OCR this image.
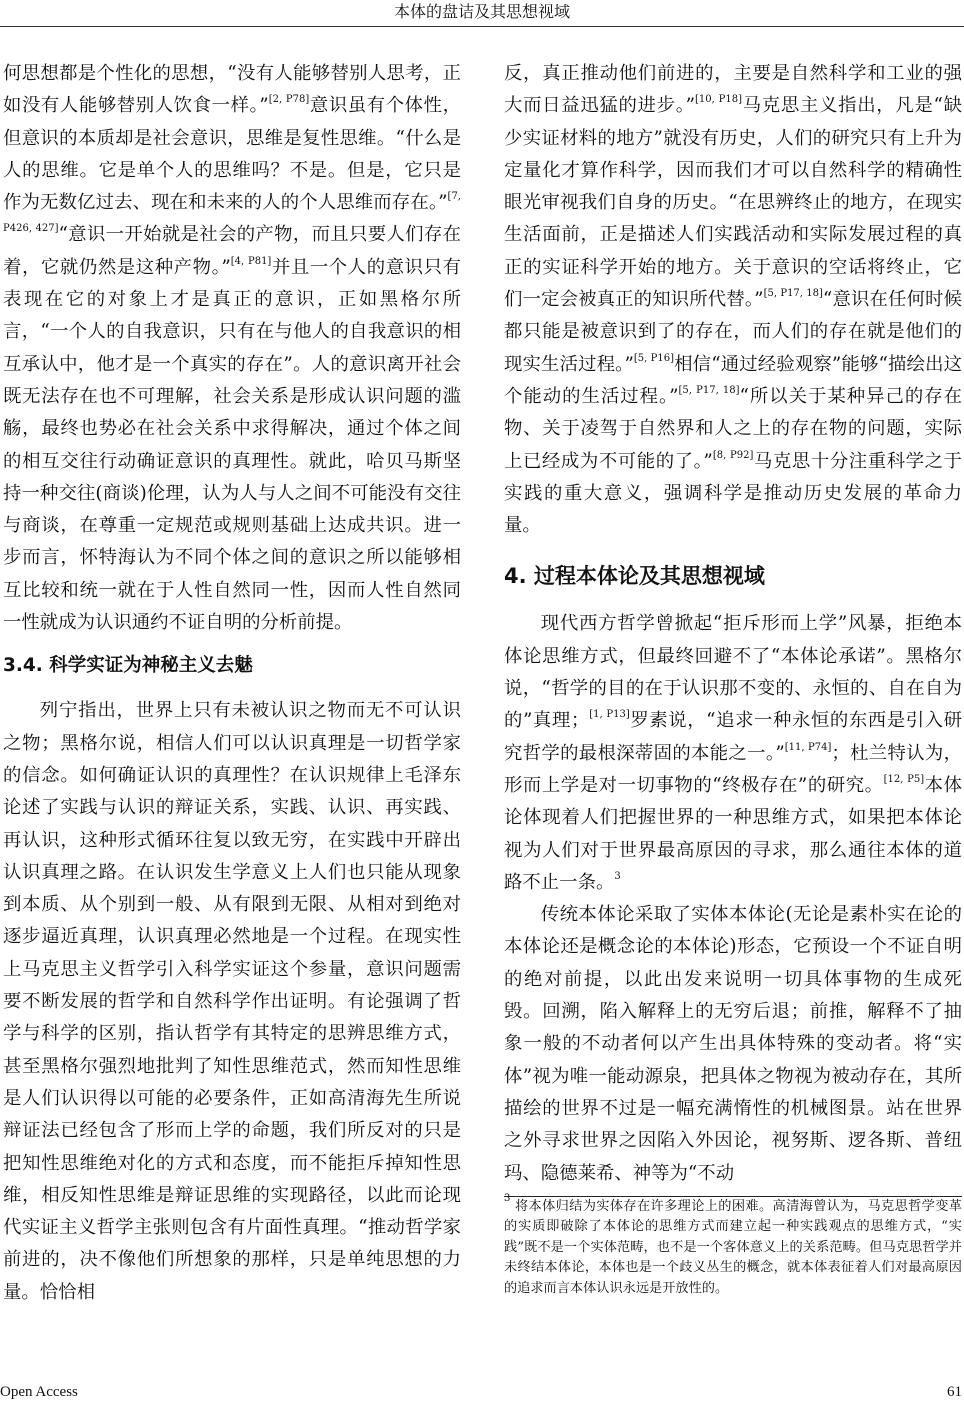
本体的盘诘及其思想视域

何思想都是个性化的思想，“没有人能够替别人思考，正如没有人能够替别人饮食一样。”[2, P78]意识虽有个体性，但意识的本质却是社会意识，思维是复性思维。“什么是人的思维。它是单个人的思维吗？不是。但是，它只是作为无数亿过去、现在和未来的人的个人思维而存在。”[7, P426, 427]“意识一开始就是社会的产物，而且只要人们存在着，它就仍然是这种产物。”[4, P81]并且一个人的意识只有表现在它的对象上才是真正的意识，正如黑格尔所言，“一个人的自我意识，只有在与他人的自我意识的相互承认中，他才是一个真实的存在”。人的意识离开社会既无法存在也不可理解，社会关系是形成认识问题的滥觞，最终也势必在社会关系中求得解决，通过个体之间的相互交往行动确证意识的真理性。就此，哈贝马斯坚持一种交往(商谈)伦理，认为人与人之间不可能没有交往与商谈，在尊重一定规范或规则基础上达成共识。进一步而言，怀特海认为不同个体之间的意识之所以能够相互比较和统一就在于人性自然同一性，因而人性自然同一性就成为认识通约不证自明的分析前提。

3.4. 科学实证为神秘主义去魅

列宁指出，世界上只有未被认识之物而无不可认识之物；黑格尔说，相信人们可以认识真理是一切哲学家的信念。如何确证认识的真理性？在认识规律上毛泽东论述了实践与认识的辩证关系，实践、认识、再实践、再认识，这种形式循环往复以致无穷，在实践中开辟出认识真理之路。在认识发生学意义上人们也只能从现象到本质、从个别到一般、从有限到无限、从相对到绝对逐步逼近真理，认识真理必然地是一个过程。在现实性上马克思主义哲学引入科学实证这个参量，意识问题需要不断发展的哲学和自然科学作出证明。有论强调了哲学与科学的区别，指认哲学有其特定的思辨思维方式，甚至黑格尔强烈地批判了知性思维范式，然而知性思维是人们认识得以可能的必要条件，正如高清海先生所说辩证法已经包含了形而上学的命题，我们所反对的只是把知性思维绝对化的方式和态度，而不能拒斥掉知性思维，相反知性思维是辩证思维的实现路径，以此而论现代实证主义哲学主张则包含有片面性真理。“推动哲学家前进的，决不像他们所想象的那样，只是单纯思想的力量。恰恰相

反，真正推动他们前进的，主要是自然科学和工业的强大而日益迅猛的进步。”[10, P18]马克思主义指出，凡是“缺少实证材料的地方”就没有历史，人们的研究只有上升为定量化才算作科学，因而我们才可以自然科学的精确性眼光审视我们自身的历史。“在思辨终止的地方，在现实生活面前，正是描述人们实践活动和实际发展过程的真正的实证科学开始的地方。关于意识的空话将终止，它们一定会被真正的知识所代替。”[5, P17, 18]“意识在任何时候都只能是被意识到了的存在，而人们的存在就是他们的现实生活过程。”[5, P16]相信“通过经验观察”能够“描绘出这个能动的生活过程。”[5, P17, 18]“所以关于某种异己的存在物、关于凌驾于自然界和人之上的存在物的问题，实际上已经成为不可能的了。”[8, P92]马克思十分注重科学之于实践的重大意义，强调科学是推动历史发展的革命力量。

4. 过程本体论及其思想视域

现代西方哲学曾掀起“拒斥形而上学”风暴，拒绝本体论思维方式，但最终回避不了“本体论承诺”。黑格尔说，“哲学的目的在于认识那不变的、永恒的、自在自为的”真理；[1, P13]罗素说，“追求一种永恒的东西是引入研究哲学的最根深蒂固的本能之一。”[11, P74]；杜兰特认为，形而上学是对一切事物的“终极存在”的研究。[12, P5]本体论体现着人们把握世界的一种思维方式，如果把本体论视为人们对于世界最高原因的寻求，那么通往本体的道路不止一条。$^3$

传统本体论采取了实体本体论(无论是素朴实在论的本体论还是概念论的本体论)形态，它预设一个不证自明的绝对前提，以此出发来说明一切具体事物的生成死毁。回溯，陷入解释上的无穷后退；前推，解释不了抽象一般的不动者何以产生出具体特殊的变动者。将“实体”视为唯一能动源泉，把具体之物视为被动存在，其所描绘的世界不过是一幅充满惰性的机械图景。站在世界之外寻求世界之因陷入外因论，视努斯、逻各斯、普纽玛、隐德莱希、神等为“不动

$^3$ 将本体归结为实体存在许多理论上的困难。高清海曾认为，马克思哲学变革的实质即破除了本体论的思维方式而建立起一种实践观点的思维方式，“实践”既不是一个实体范畴，也不是一个客体意义上的关系范畴。但马克思哲学并未终结本体论，本体也是一个歧义丛生的概念，就本体表征着人们对最高原因的追求而言本体认识永远是开放性的。

Open Access	61
